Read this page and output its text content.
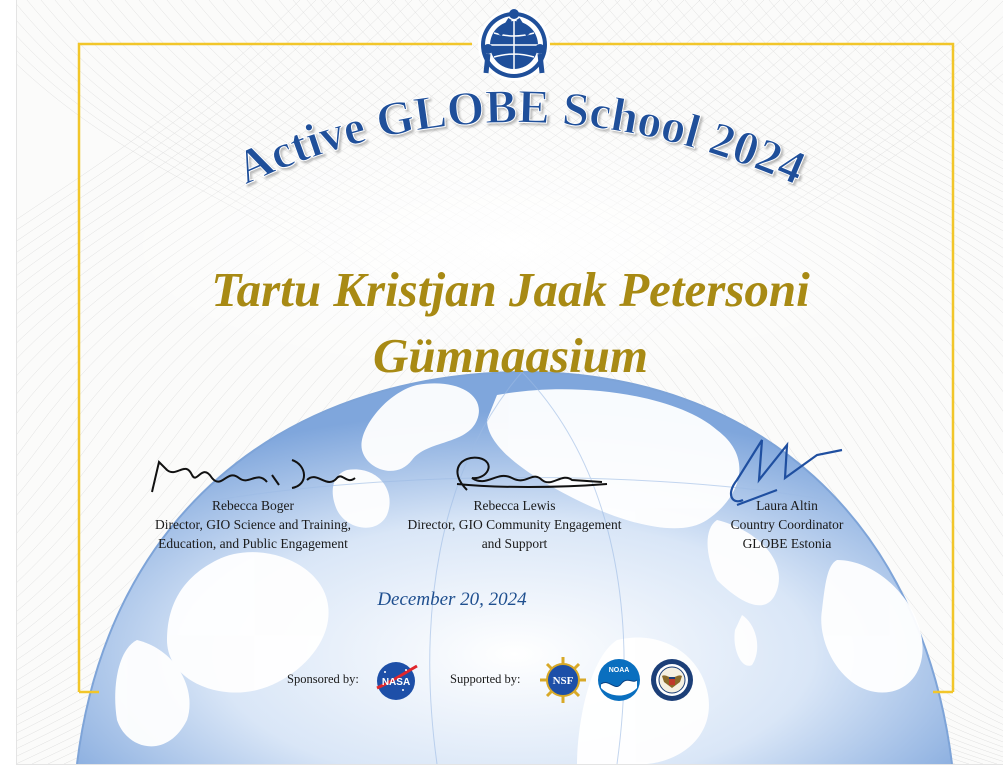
Active GLOBE School 2024
Tartu Kristjan Jaak Petersoni
Gümnaasium
Rebecca Boger
Director, GIO Science and Training,
Education, and Public Engagement
Rebecca Lewis
Director, GIO Community Engagement
and Support
Laura Altin
Country Coordinator
GLOBE Estonia
December 20, 2024
Sponsored by: NASA	Supported by:	NSF
NOAA
